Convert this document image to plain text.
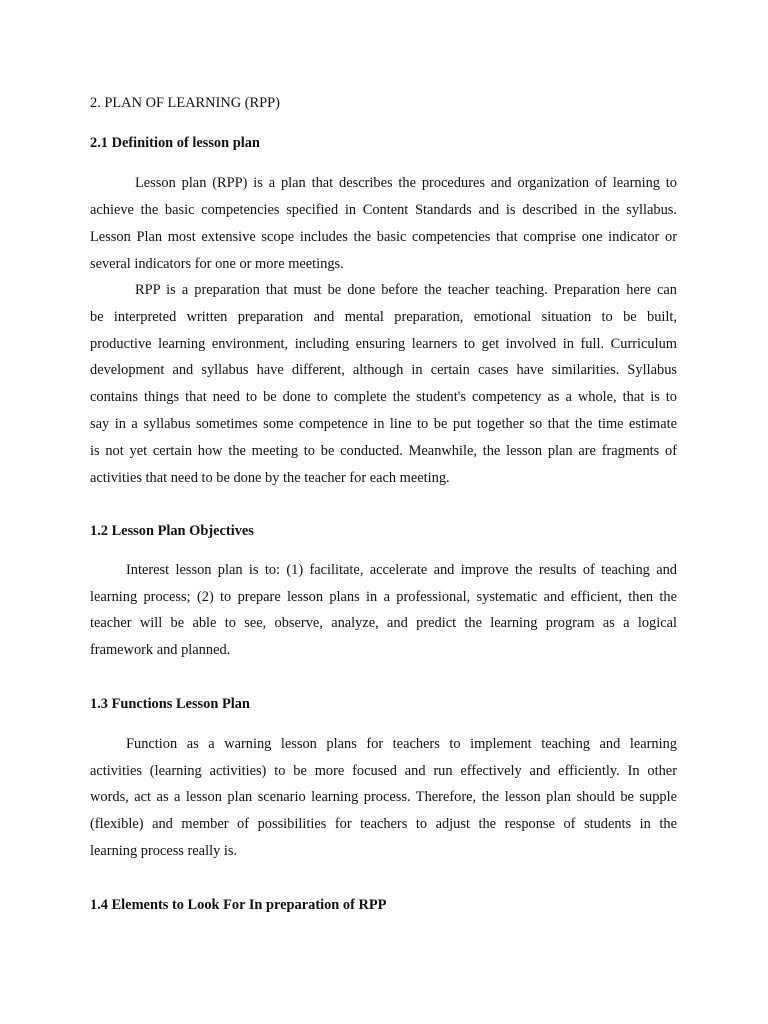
2. PLAN OF LEARNING (RPP)
2.1 Definition of lesson plan
Lesson plan (RPP) is a plan that describes the procedures and organization of learning to
achieve the basic competencies specified in Content Standards and is described in the syllabus.
Lesson Plan most extensive scope includes the basic competencies that comprise one indicator or
several indicators for one or more meetings.
RPP is a preparation that must be done before the teacher teaching. Preparation here can
be interpreted written preparation and mental preparation, emotional situation to be built,
productive learning environment, including ensuring learners to get involved in full. Curriculum
development and syllabus have different, although in certain cases have similarities. Syllabus
contains things that need to be done to complete the student's competency as a whole, that is to
say in a syllabus sometimes some competence in line to be put together so that the time estimate
is not yet certain how the meeting to be conducted. Meanwhile, the lesson plan are fragments of
activities that need to be done by the teacher for each meeting.
1.2 Lesson Plan Objectives
Interest lesson plan is to: (1) facilitate, accelerate and improve the results of teaching and
learning process; (2) to prepare lesson plans in a professional, systematic and efficient, then the
teacher will be able to see, observe, analyze, and predict the learning program as a logical
framework and planned.
1.3 Functions Lesson Plan
Function as a warning lesson plans for teachers to implement teaching and learning
activities (learning activities) to be more focused and run effectively and efficiently. In other
words, act as a lesson plan scenario learning process. Therefore, the lesson plan should be supple
(flexible) and member of possibilities for teachers to adjust the response of students in the
learning process really is.
1.4 Elements to Look For In preparation of RPP
